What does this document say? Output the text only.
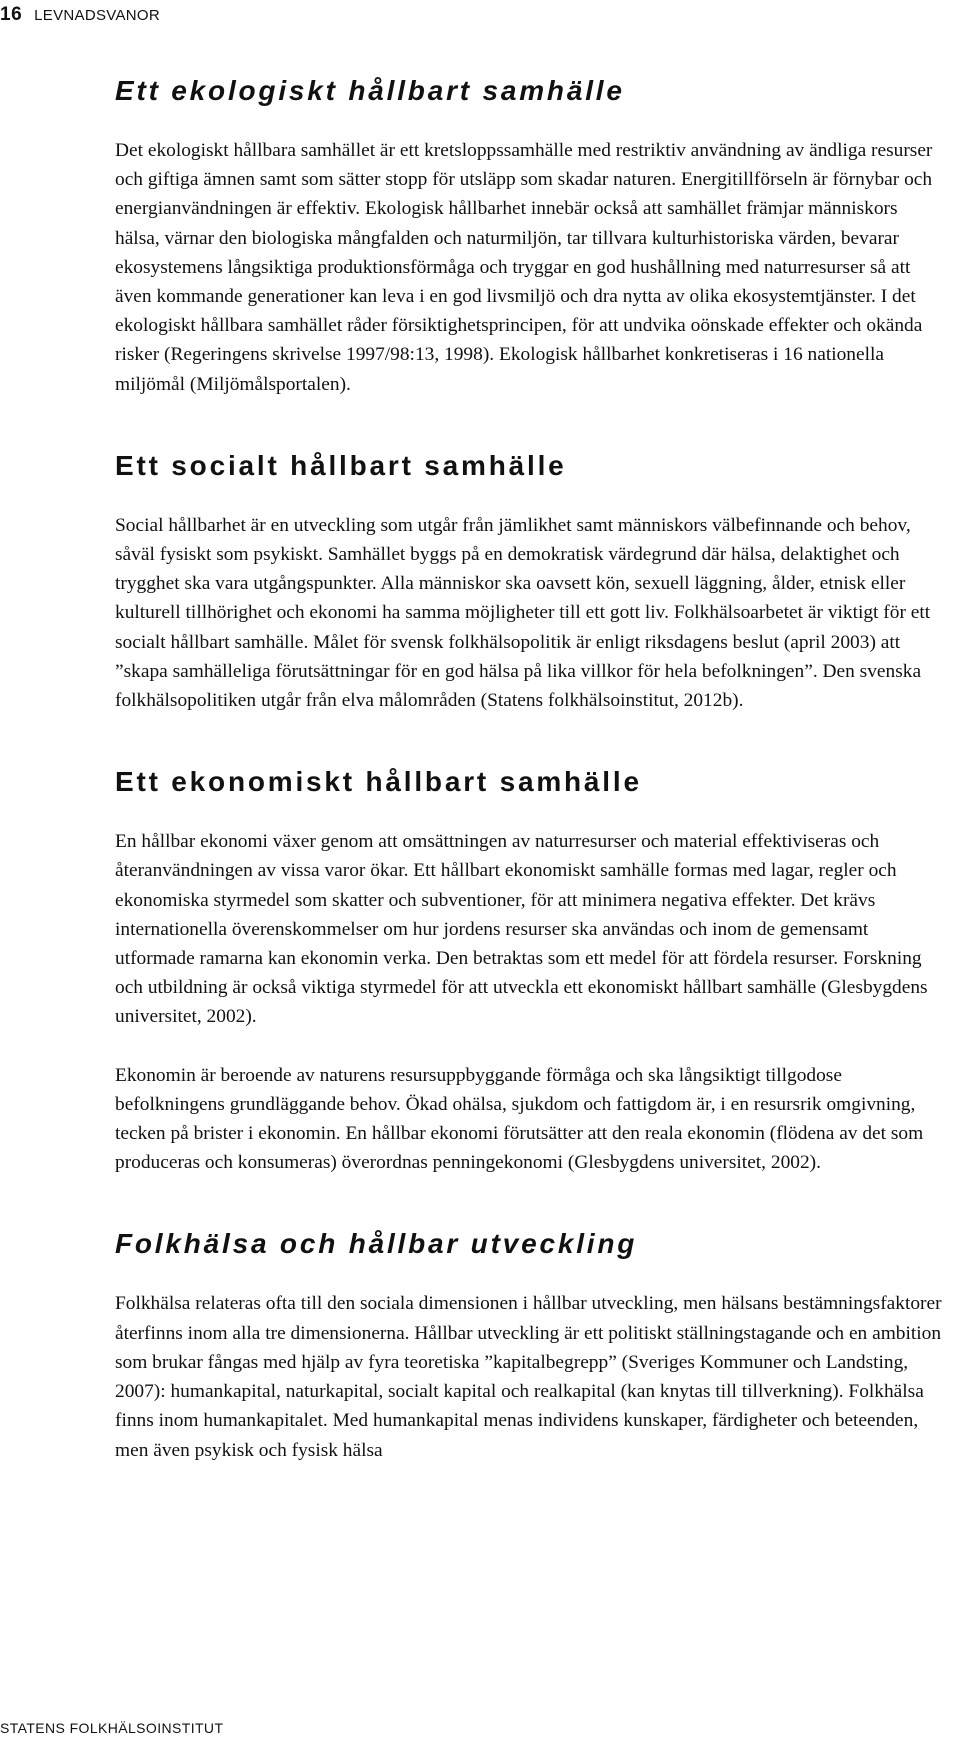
16 LEVNADSVANOR
Ett ekologiskt hållbart samhälle

Det ekologiskt hållbara samhället är ett kretsloppssamhälle med restriktiv användning av ändliga resurser och giftiga ämnen samt som sätter stopp för utsläpp som skadar naturen. Energitillförseln är förnybar och energianvändningen är effektiv. Ekologisk hållbarhet innebär också att samhället främjar människors hälsa, värnar den biologiska mångfalden och naturmiljön, tar tillvara kulturhistoriska värden, bevarar ekosystemens långsiktiga produktionsförmåga och tryggar en god hushållning med naturresurser så att även kommande generationer kan leva i en god livsmiljö och dra nytta av olika ekosystemtjänster. I det ekologiskt hållbara samhället råder försiktighetsprincipen, för att undvika oönskade effekter och okända risker (Regeringens skrivelse 1997/98:13, 1998). Ekologisk hållbarhet konkretiseras i 16 nationella miljömål (Miljömålsportalen).

Ett socialt hållbart samhälle

Social hållbarhet är en utveckling som utgår från jämlikhet samt människors välbefinnande och behov, såväl fysiskt som psykiskt. Samhället byggs på en demokratisk värdegrund där hälsa, delaktighet och trygghet ska vara utgångspunkter. Alla människor ska oavsett kön, sexuell läggning, ålder, etnisk eller kulturell tillhörighet och ekonomi ha samma möjligheter till ett gott liv. Folkhälsoarbetet är viktigt för ett socialt hållbart samhälle. Målet för svensk folkhälsopolitik är enligt riksdagens beslut (april 2003) att ”skapa samhälleliga förutsättningar för en god hälsa på lika villkor för hela befolkningen”. Den svenska folkhälsopolitiken utgår från elva målområden (Statens folkhälsoinstitut, 2012b).

Ett ekonomiskt hållbart samhälle

En hållbar ekonomi växer genom att omsättningen av naturresurser och material effektiviseras och återanvändningen av vissa varor ökar. Ett hållbart ekonomiskt samhälle formas med lagar, regler och ekonomiska styrmedel som skatter och subventioner, för att minimera negativa effekter. Det krävs internationella överenskommelser om hur jordens resurser ska användas och inom de gemensamt utformade ramarna kan ekonomin verka. Den betraktas som ett medel för att fördela resurser. Forskning och utbildning är också viktiga styrmedel för att utveckla ett ekonomiskt hållbart samhälle (Glesbygdens universitet, 2002).

Ekonomin är beroende av naturens resursuppbyggande förmåga och ska långsiktigt tillgodose befolkningens grundläggande behov. Ökad ohälsa, sjukdom och fattigdom är, i en resursrik omgivning, tecken på brister i ekonomin. En hållbar ekonomi förutsätter att den reala ekonomin (flödena av det som produceras och konsumeras) överordnas penningekonomi (Glesbygdens universitet, 2002).

Folkhälsa och hållbar utveckling

Folkhälsa relateras ofta till den sociala dimensionen i hållbar utveckling, men hälsans bestämningsfaktorer återfinns inom alla tre dimensionerna. Hållbar utveckling är ett politiskt ställningstagande och en ambition som brukar fångas med hjälp av fyra teoretiska ”kapitalbegrepp” (Sveriges Kommuner och Landsting, 2007): humankapital, naturkapital, socialt kapital och realkapital (kan knytas till tillverkning). Folkhälsa finns inom humankapitalet. Med humankapital menas individens kunskaper, färdigheter och beteenden, men även psykisk och fysisk hälsa

STATENS FOLKHÄLSOINSTITUT
